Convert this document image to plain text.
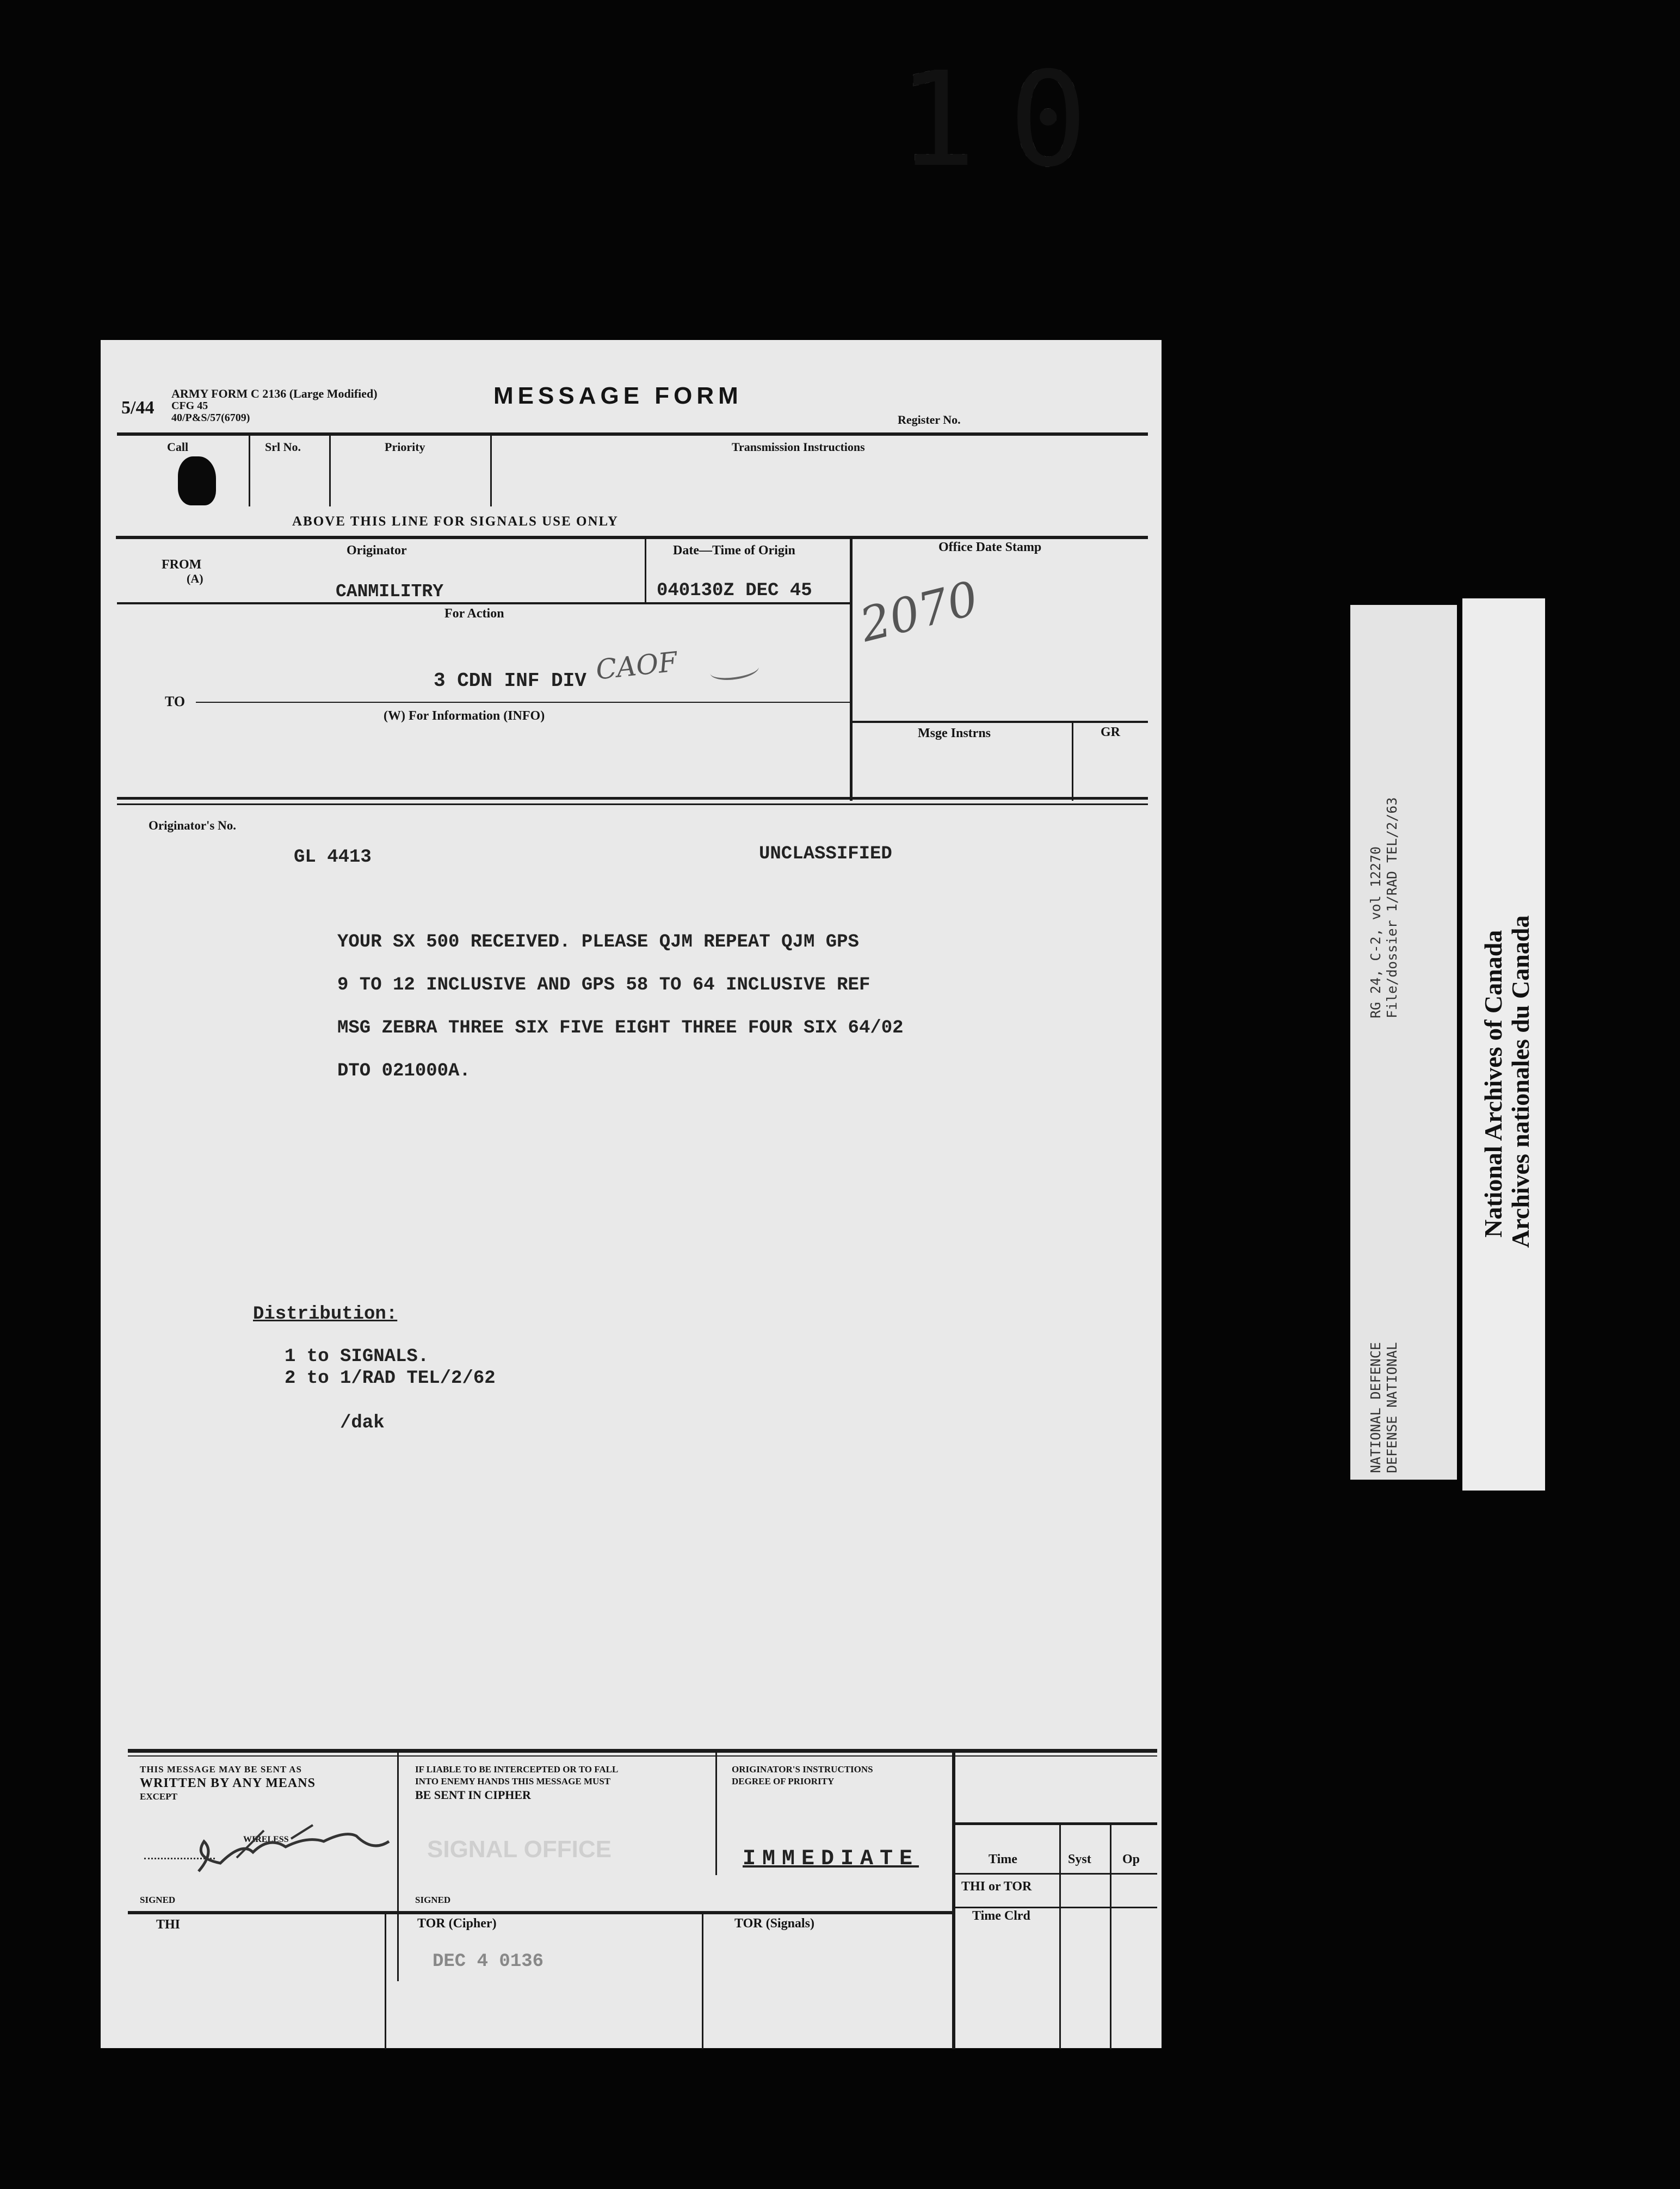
10
5/44
ARMY FORM C 2136 (Large Modified)
CFG 45
40/P&S/57(6709)
MESSAGE FORM
Register No.
Call	Srl No.	Priority	Transmission Instructions
ABOVE THIS LINE FOR SIGNALS USE ONLY
FROM
(A)
Originator
CANMILITRY
Date—Time of Origin
040130Z DEC 45
Office Date Stamp
2070
For Action
3 CDN INF DIV CAOF
TO
(W) For Information (INFO)
Msge Instrns	GR
Originator's No.
GL 4413	UNCLASSIFIED
YOUR SX 500 RECEIVED. PLEASE QJM REPEAT QJM GPS
9 TO 12 INCLUSIVE AND GPS 58 TO 64 INCLUSIVE REF
MSG ZEBRA THREE SIX FIVE EIGHT THREE FOUR SIX 64/02
DTO 021000A.
Distribution:
1 to SIGNALS.
2 to 1/RAD TEL/2/62
/dak
THIS MESSAGE MAY BE SENT AS
WRITTEN BY ANY MEANS
EXCEPT
WIRELESS
SIGNED
IF LIABLE TO BE INTERCEPTED OR TO FALL
INTO ENEMY HANDS THIS MESSAGE MUST
BE SENT IN CIPHER
SIGNAL OFFICE
SIGNED
ORIGINATOR'S INSTRUCTIONS
DEGREE OF PRIORITY
IMMEDIATE	Time	Syst Op
THI or TOR
Time Clrd
THI	TOR (Cipher)
DEC 4 0136
TOR (Signals)
RG 24, C-2, vol 12270 File/dossier 1/RAD TEL/2/63
NATIONAL DEFENCE DEFENSE NATIONAL
National Archives of Canada Archives nationales du Canada
